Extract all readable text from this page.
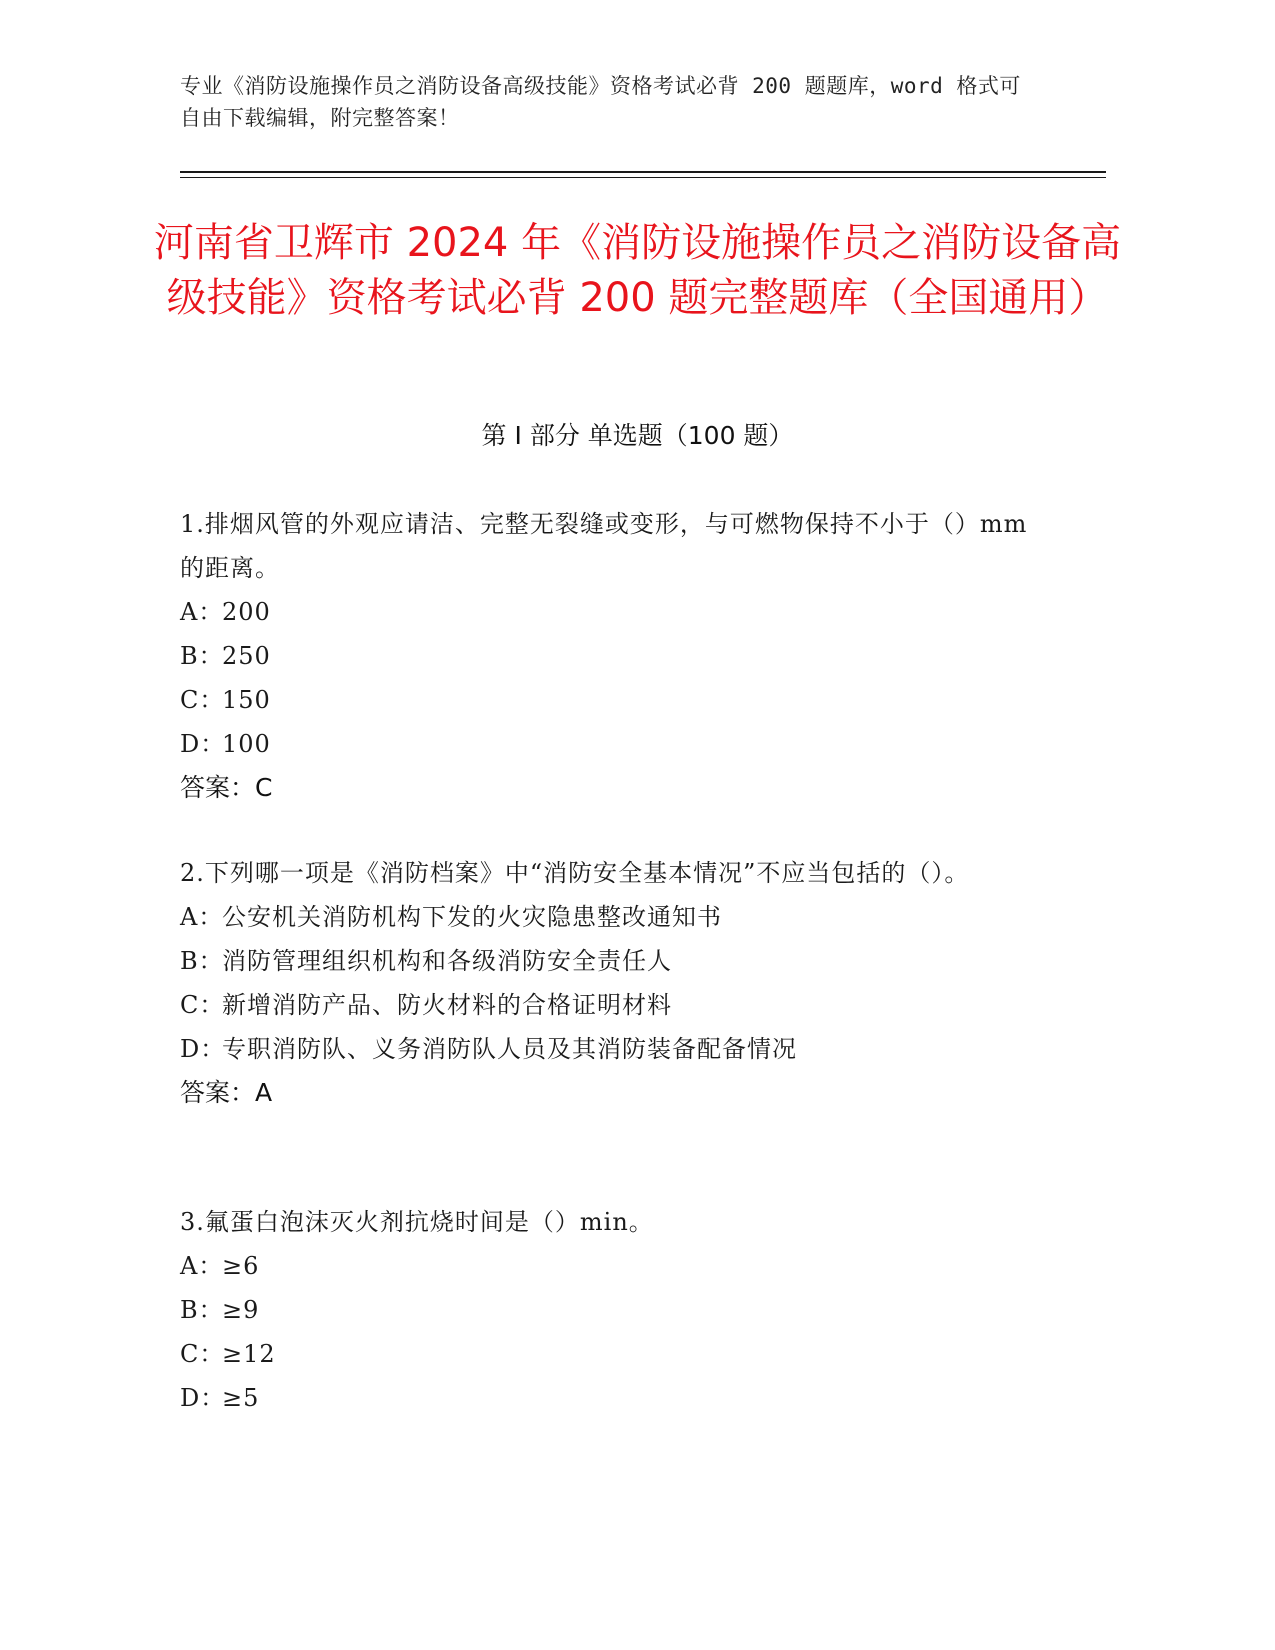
专业《消防设施操作员之消防设备高级技能》资格考试必背 200 题题库，word 格式可自由下载编辑，附完整答案！
河南省卫辉市 2024 年《消防设施操作员之消防设备高级技能》资格考试必背 200 题完整题库（全国通用）
第 I 部分 单选题（100 题）
1.排烟风管的外观应请洁、完整无裂缝或变形，与可燃物保持不小于（）mm 的距离。
A：200
B：250
C：150
D：100
答案：C
2.下列哪一项是《消防档案》中“消防安全基本情况”不应当包括的（）。
A：公安机关消防机构下发的火灾隐患整改通知书
B：消防管理组织机构和各级消防安全责任人
C：新增消防产品、防火材料的合格证明材料
D：专职消防队、义务消防队人员及其消防装备配备情况
答案：A
3.氟蛋白泡沫灭火剂抗烧时间是（）min。
A：≥6
B：≥9
C：≥12
D：≥5
